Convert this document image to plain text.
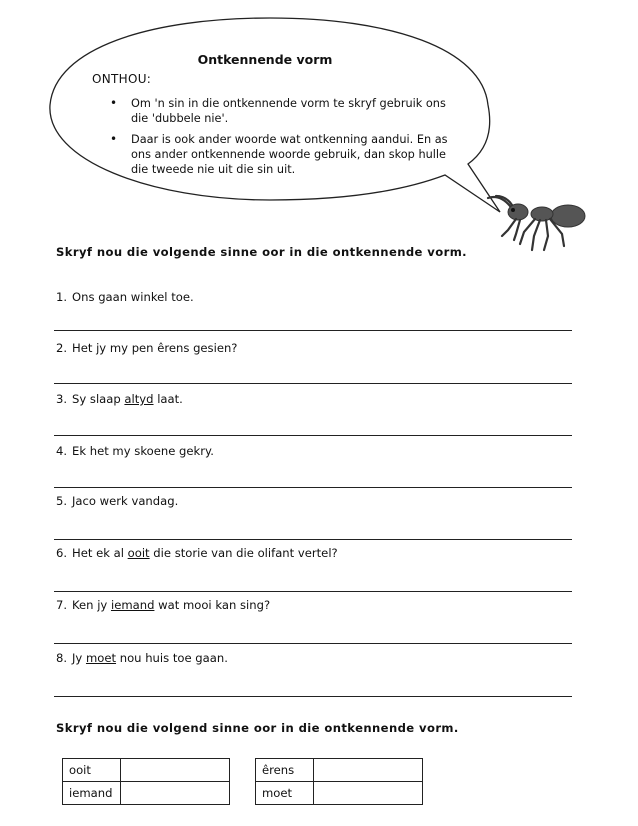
Ontkennende vorm
ONTHOU:
• Om 'n sin in die ontkennende vorm te skryf gebruik ons die 'dubbele nie'.
• Daar is ook ander woorde wat ontkenning aandui. En as ons ander ontkennende woorde gebruik, dan skop hulle die tweede nie uit die sin uit.
Skryf nou die volgende sinne oor in die ontkennende vorm.
1. Ons gaan winkel toe.
2. Het jy my pen êrens gesien?
3. Sy slaap altyd laat.
4. Ek het my skoene gekry.
5. Jaco werk vandag.
6. Het ek al ooit die storie van die olifant vertel?
7. Ken jy iemand wat mooi kan sing?
8. Jy moet nou huis toe gaan.
Skryf nou die volgend sinne oor in die ontkennende vorm.
ooit	
iemand	
êrens	
moet	
